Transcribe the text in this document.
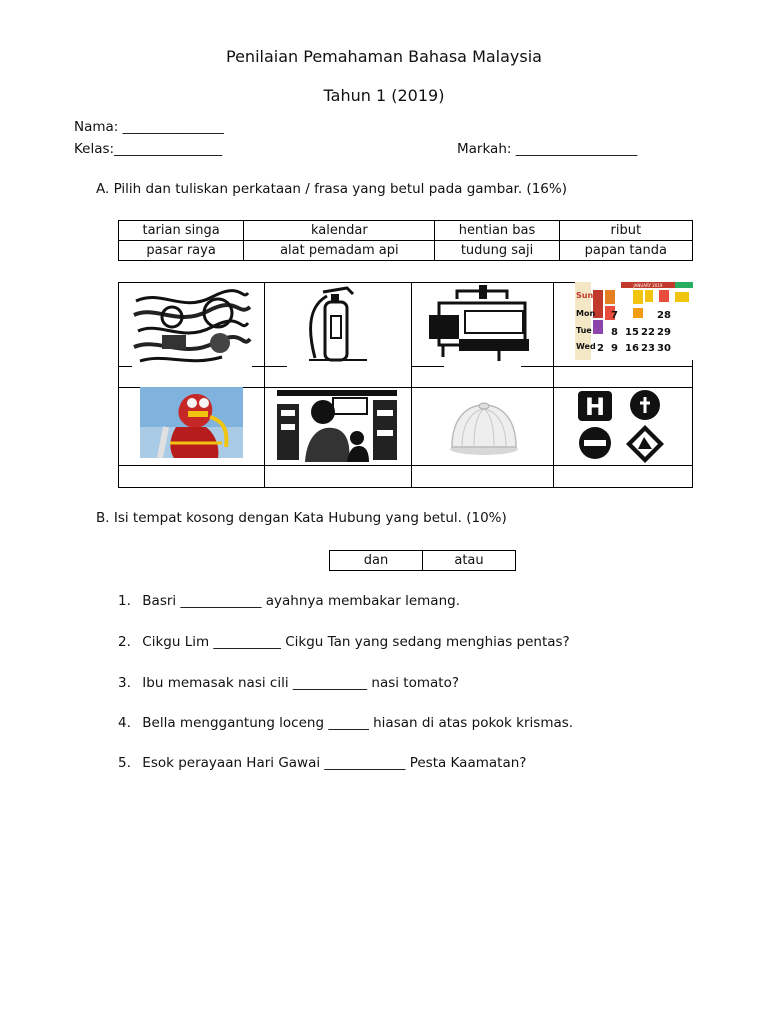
Penilaian Pemahaman Bahasa Malaysia
Tahun 1 (2019)
Nama: _______________
Kelas:________________	Markah: __________________
A. Pilih dan tuliskan perkataan / frasa yang betul pada gambar. (16%)
tarian singa	kalendar	hentian bas	ribut
pasar raya	alat pemadam api	tudung saji	papan tanda
JANUARY 2019
Sun
Mon
Tue
Wed
7	28
8 15 22 29
2 9 16 23 30
H
B. Isi tempat kosong dengan Kata Hubung yang betul. (10%)
dan	atau
1. Basri ____________ ayahnya membakar lemang.
2. Cikgu Lim __________ Cikgu Tan yang sedang menghias pentas?
3. Ibu memasak nasi cili ___________ nasi tomato?
4. Bella menggantung loceng ______ hiasan di atas pokok krismas.
5. Esok perayaan Hari Gawai ____________ Pesta Kaamatan?
